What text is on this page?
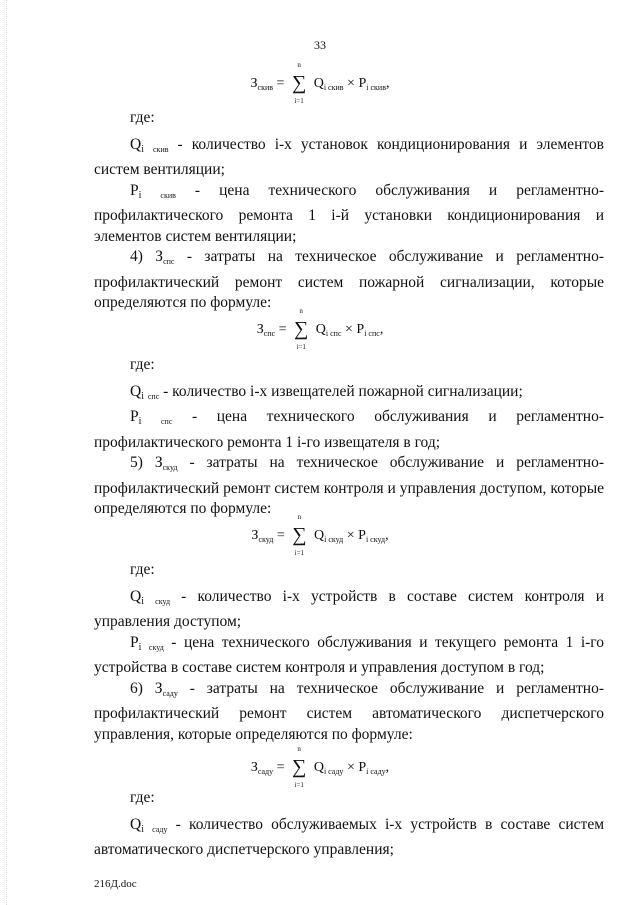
33
$З_{скив}$ =
n
∑
i=1
$Q_{i скив} \times P_{i скив}$,

где:

Qi $_{скив}$ - количество i-х установок кондиционирования и элементов систем вентиляции;

Pi $_{скив}$ - цена технического обслуживания и регламентно-профилактического ремонта 1 i-й установки кондиционирования и элементов систем вентиляции;

4) $З_{спс}$ - затраты на техническое обслуживание и регламентно-профилактический ремонт систем пожарной сигнализации, которые определяются по формуле:

$З_{спс}$ =
n
∑
i=1
$Q_{i спс} \times P_{i спс}$,

где:

Qi $_{спс}$ - количество i-х извещателей пожарной сигнализации;

Pi $_{спс}$ - цена технического обслуживания и регламентно-профилактического ремонта 1 i-го извещателя в год;

5) $З_{скуд}$ - затраты на техническое обслуживание и регламентно-профилактический ремонт систем контроля и управления доступом, которые определяются по формуле:

$З_{скуд}$ =
n
∑
i=1
$Q_{i скуд} \times P_{i скуд}$,

где:

Qi $_{скуд}$ - количество i-х устройств в составе систем контроля и управления доступом;

Pi $_{скуд}$ - цена технического обслуживания и текущего ремонта 1 i-го устройства в составе систем контроля и управления доступом в год;

6) $З_{саду}$ - затраты на техническое обслуживание и регламентно-профилактический ремонт систем автоматического диспетчерского управления, которые определяются по формуле:

$З_{саду}$ =
n
∑
i=1
$Q_{i саду} \times P_{i саду}$,

где:

Qi $_{саду}$ - количество обслуживаемых i-х устройств в составе систем автоматического диспетчерского управления;

216Д.doc
